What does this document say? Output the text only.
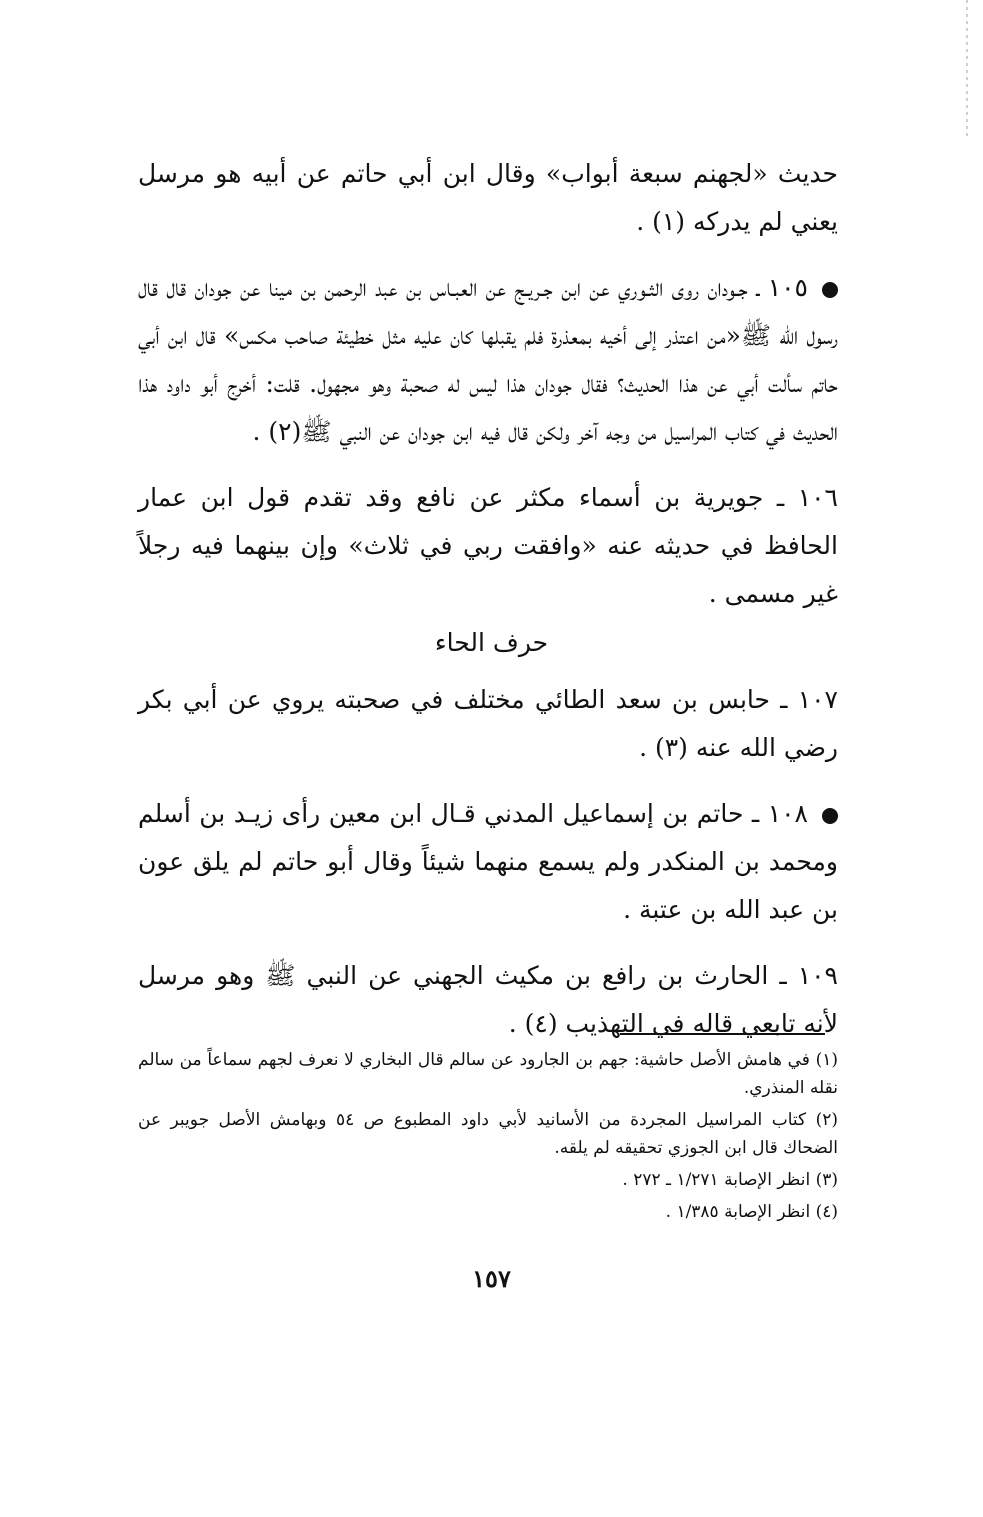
حديث «لجهنم سبعة أبواب» وقال ابن أبي حاتم عن أبيه هو مرسل يعني لم يدركه (١) .

١٠٥ ـ جـودان روى الثـوري عن ابن جـريـج عن العبـاس بن عبد الرحمن بن مينا عن جودان قال قال رسول الله ﷺ«من اعتذر إلى أخيه بمعذرة فلم يقبلها كان عليه مثل خطيئة صاحب مكس» قال ابن أبي حاتم سألت أبي عن هذا الحديث؟ فقال جودان هذا ليس له صحبة وهو مجهول. قلت: أخرج أبو داود هذا الحديث في كتاب المراسيل من وجه آخر ولكن قال فيه ابن جودان عن النبي ﷺ(٢) .

١٠٦ ـ جويرية بن أسماء مكثر عن نافع وقد تقدم قول ابن عمار الحافظ في حديثه عنه «وافقت ربي في ثلاث» وإن بينهما فيه رجلاً غير مسمى .

حرف الحاء

١٠٧ ـ حابس بن سعد الطائي مختلف في صحبته يروي عن أبي بكر رضي الله عنه (٣) .

١٠٨ ـ حاتم بن إسماعيل المدني قـال ابن معين رأى زيـد بن أسلم ومحمد بن المنكدر ولم يسمع منهما شيئاً وقال أبو حاتم لم يلق عون بن عبد الله بن عتبة .

١٠٩ ـ الحارث بن رافع بن مكيث الجهني عن النبي ﷺ وهو مرسل لأنه تابعي قاله في التهذيب (٤) .

(١) في هامش الأصل حاشية: جهم بن الجارود عن سالم قال البخاري لا نعرف لجهم سماعاً من سالم نقله المنذري.

(٢) كتاب المراسيل المجردة من الأسانيد لأبي داود المطبوع ص ٥٤ وبهامش الأصل جويبر عن الضحاك قال ابن الجوزي تحقيقه لم يلقه.

(٣) انظر الإصابة ١/٢٧١ ـ ٢٧٢ .

(٤) انظر الإصابة ١/٣٨٥ .

١٥٧
